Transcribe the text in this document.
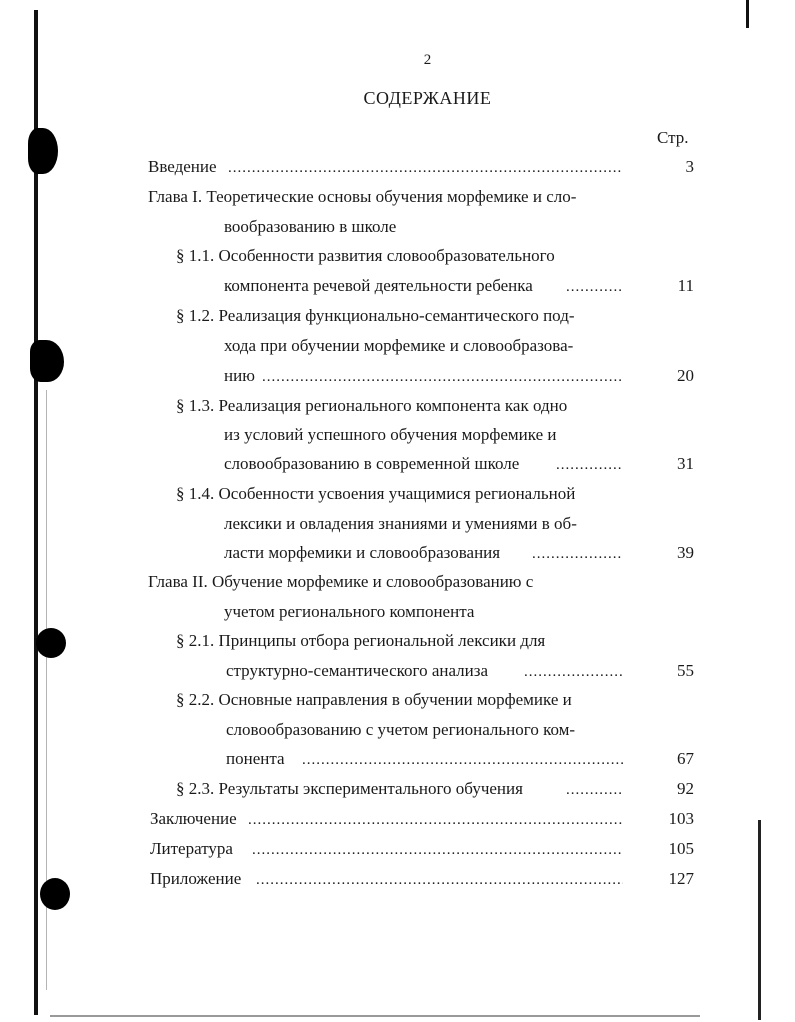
2
СОДЕРЖАНИЕ
Стр.
Введение .....	3
Глава I. Теоретические основы обучения морфемике и сло-
вообразованию в школе
§ 1.1. Особенности развития словообразовательного
компонента речевой деятельности ребенка .....	11
§ 1.2. Реализация функционально-семантического под-
хода при обучении морфемике и словообразова-
нию .....	20
§ 1.3. Реализация регионального компонента как одно
из условий успешного обучения морфемике и
словообразованию в современной школе .....	31
§ 1.4. Особенности усвоения учащимися региональной
лексики и овладения знаниями и умениями в об-
ласти морфемики и словообразования .....	39
Глава II. Обучение морфемике и словообразованию с
учетом регионального компонента
§ 2.1. Принципы отбора региональной лексики для
структурно-семантического анализа .....	55
§ 2.2. Основные направления в обучении морфемике и
словообразованию с учетом регионального ком-
понента .....	67
§ 2.3. Результаты экспериментального обучения .....	92
Заключение .....	103
Литература .....	105
Приложение .....	127
